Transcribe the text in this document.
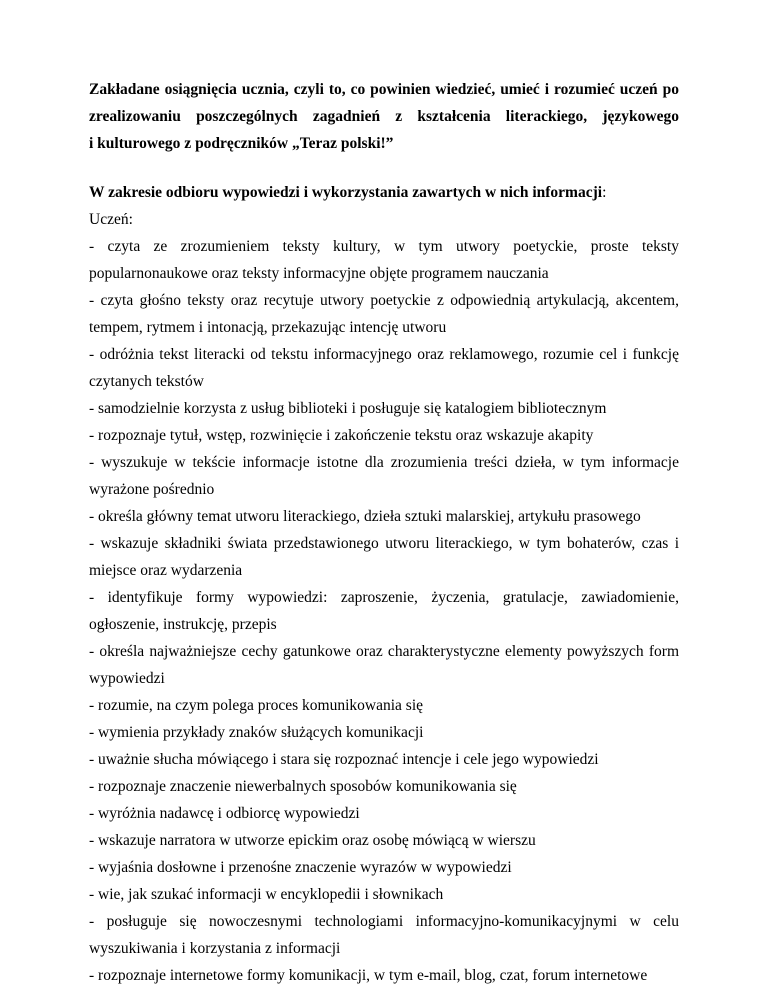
Zakładane osiągnięcia ucznia, czyli to, co powinien wiedzieć, umieć i rozumieć uczeń po
zrealizowaniu poszczególnych zagadnień z kształcenia literackiego, językowego
i kulturowego z podręczników „Teraz polski!”

W zakresie odbioru wypowiedzi i wykorzystania zawartych w nich informacji:
Uczeń:
- czyta ze zrozumieniem teksty kultury, w tym utwory poetyckie, proste teksty popularnonaukowe oraz teksty informacyjne objęte programem nauczania
- czyta głośno teksty oraz recytuje utwory poetyckie z odpowiednią artykulacją, akcentem, tempem, rytmem i intonacją, przekazując intencję utworu
- odróżnia tekst literacki od tekstu informacyjnego oraz reklamowego, rozumie cel i funkcję czytanych tekstów
- samodzielnie korzysta z usług biblioteki i posługuje się katalogiem bibliotecznym
- rozpoznaje tytuł, wstęp, rozwinięcie i zakończenie tekstu oraz wskazuje akapity
- wyszukuje w tekście informacje istotne dla zrozumienia treści dzieła, w tym informacje wyrażone pośrednio
- określa główny temat utworu literackiego, dzieła sztuki malarskiej, artykułu prasowego
- wskazuje składniki świata przedstawionego utworu literackiego, w tym bohaterów, czas i miejsce oraz wydarzenia
- identyfikuje formy wypowiedzi: zaproszenie, życzenia, gratulacje, zawiadomienie, ogłoszenie, instrukcję, przepis
- określa najważniejsze cechy gatunkowe oraz charakterystyczne elementy powyższych form wypowiedzi
- rozumie, na czym polega proces komunikowania się
- wymienia przykłady znaków służących komunikacji
- uważnie słucha mówiącego i stara się rozpoznać intencje i cele jego wypowiedzi
- rozpoznaje znaczenie niewerbalnych sposobów komunikowania się
- wyróżnia nadawcę i odbiorcę wypowiedzi
- wskazuje narratora w utworze epickim oraz osobę mówiącą w wierszu
- wyjaśnia dosłowne i przenośne znaczenie wyrazów w wypowiedzi
- wie, jak szukać informacji w encyklopedii i słownikach
- posługuje się nowoczesnymi technologiami informacyjno-komunikacyjnymi w celu wyszukiwania i korzystania z informacji
- rozpoznaje internetowe formy komunikacji, w tym e-mail, blog, czat, forum internetowe
